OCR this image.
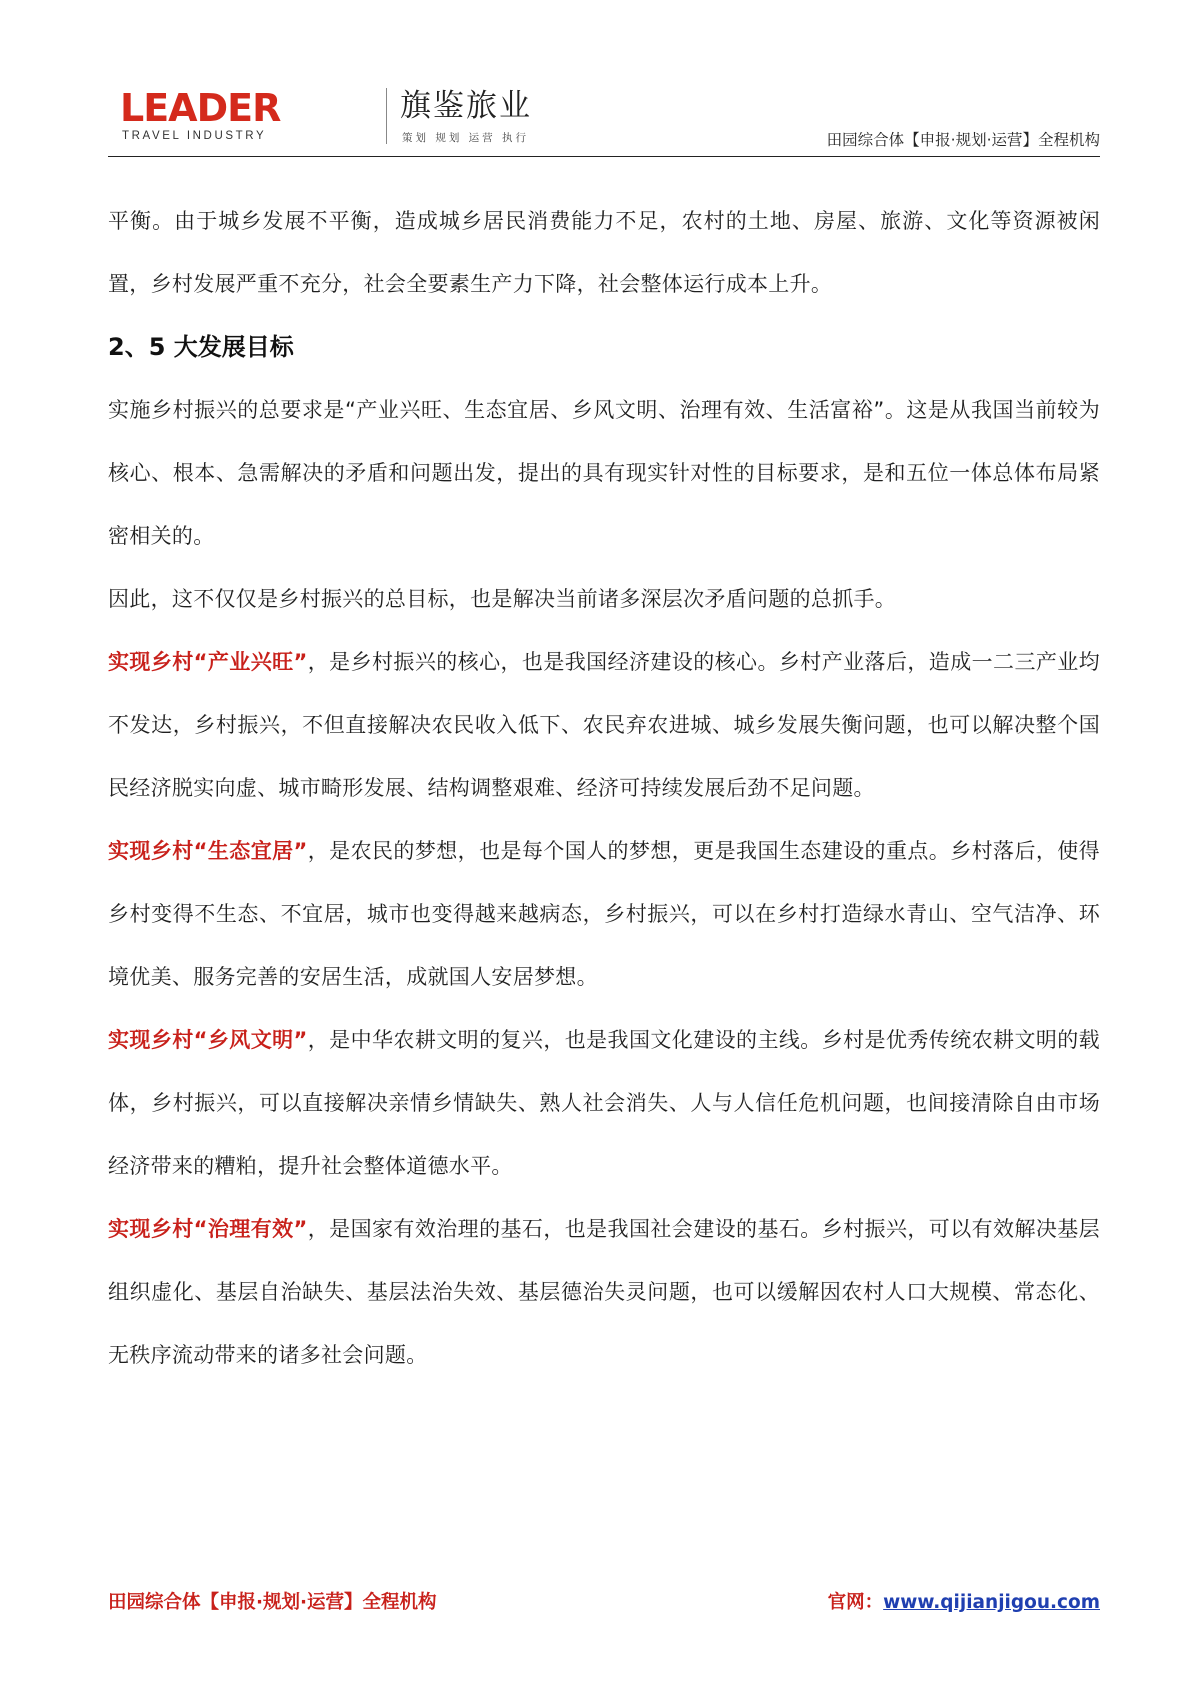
LEADER
TRAVEL INDUSTRY
旗鉴旅业
策划 规划 运营 执行	田园综合体【申报·规划·运营】全程机构

平衡。由于城乡发展不平衡，造成城乡居民消费能力不足，农村的土地、房屋、旅游、文化等资源被闲置，乡村发展严重不充分，社会全要素生产力下降，社会整体运行成本上升。

2、5 大发展目标

实施乡村振兴的总要求是“产业兴旺、生态宜居、乡风文明、治理有效、生活富裕”。这是从我国当前较为核心、根本、急需解决的矛盾和问题出发，提出的具有现实针对性的目标要求，是和五位一体总体布局紧密相关的。

因此，这不仅仅是乡村振兴的总目标，也是解决当前诸多深层次矛盾问题的总抓手。

实现乡村“产业兴旺”，是乡村振兴的核心，也是我国经济建设的核心。乡村产业落后，造成一二三产业均不发达，乡村振兴，不但直接解决农民收入低下、农民弃农进城、城乡发展失衡问题，也可以解决整个国民经济脱实向虚、城市畸形发展、结构调整艰难、经济可持续发展后劲不足问题。

实现乡村“生态宜居”，是农民的梦想，也是每个国人的梦想，更是我国生态建设的重点。乡村落后，使得乡村变得不生态、不宜居，城市也变得越来越病态，乡村振兴，可以在乡村打造绿水青山、空气洁净、环境优美、服务完善的安居生活，成就国人安居梦想。

实现乡村“乡风文明”，是中华农耕文明的复兴，也是我国文化建设的主线。乡村是优秀传统农耕文明的载体，乡村振兴，可以直接解决亲情乡情缺失、熟人社会消失、人与人信任危机问题，也间接清除自由市场经济带来的糟粕，提升社会整体道德水平。

实现乡村“治理有效”，是国家有效治理的基石，也是我国社会建设的基石。乡村振兴，可以有效解决基层组织虚化、基层自治缺失、基层法治失效、基层德治失灵问题，也可以缓解因农村人口大规模、常态化、无秩序流动带来的诸多社会问题。

田园综合体【申报·规划·运营】全程机构	官网：www.qijianjigou.com
